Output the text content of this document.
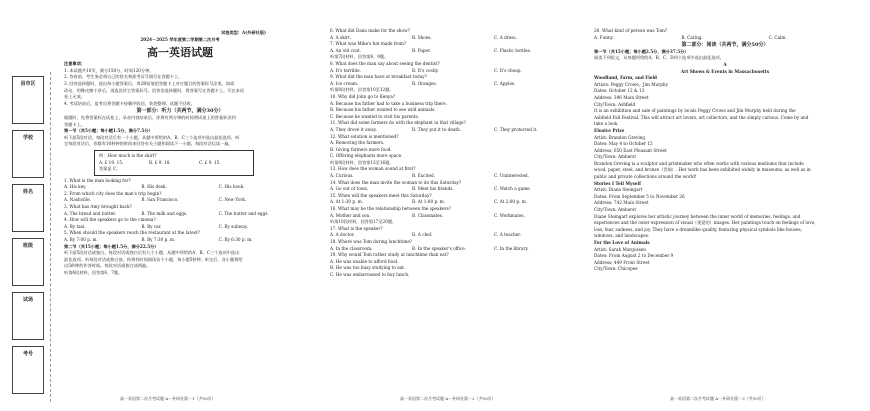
县市区
学校
姓名
班级
试场
考号
试卷类型：A(外研社版)
2024－2025 学年度第二学期第二次月考
高一英语试题
注意事项：
1. 本试题共10页，满分150分，时间120分钟。
2. 答卷前，考生务必将自己的姓名和准考证号填写在答题卡上。
3. 回答选择题时，选出每小题答案后，用2B铅笔把答题卡上对应题目的答案标号涂黑。如需
改动，用橡皮擦干净后，再选涂其它答案标号。回答非选择题时，将答案写在答题卡上。写在本试
卷上无效。
4. 考试结束后，监考员将答题卡按顺序收回，装袋整理；试题不回收。
第一部分：听力（共两节，满分30分）
做题时，先将答案标在试卷上。录音内容结束后，你将有两分钟的时间将试卷上的答案转涂到
答题卡上。
第一节（共5小题；每小题1.5分，满分7.5分）
听下面5段对话。每段对话后有一个小题，从题中所给的A、B、C三个选项中选出最佳选项。听
完每段对话后，你都有10秒钟的时间来回答有关小题和阅读下一小题。每段对话仅读一遍。
例：How much is the shirt?
A. £ 19. 15.	B. £ 9. 18.	C. £ 9. 15.
答案是 C。
1. What is the man looking for?
A. His key.	B. His desk.	C. His book.
2. From which city does the man's trip begin?
A. Nashville.	B. San Francisco.	C. New York.
3. What has Amy brought back?
A. The bread and butter.	B. The milk and eggs.	C. The butter and eggs.
4. How will the speakers go to the cinema?
A. By taxi.	B. By car.	C. By subway.
5. When should the speakers reach the restaurant at the latest?
A. By 7:00 p. m.	B. By 7:30 p. m.	C. By 6:30 p. m.
第二节（共15小题；每小题1.5分，满分22.5分）
听下面5段对话或独白。每段对话或独白后有几个小题，从题中所给的A、B、C三个选项中选出
最佳选项。听每段对话或独白前，你将有时间阅读各个小题，每小题5秒钟；听完后，各小题将给
出5秒钟的作答时间。每段对话或独白读两遍。
听第6段材料，回答第6、7题。
6. What did Dana make for the show?
A. A skirt.	B. Shoes.	C. A dress.
7. What was Mike's hat made from?
A. An old coat.	B. Paper.	C. Plastic bottles.
听第7段材料，回答第8、9题。
8. What does the man say about seeing the dentist?
A. It's terrible.	B. It's costly.	C. It's cheap.
9. What did the man have at breakfast today?
A. Ice cream.	B. Oranges.	C. Apples.
听第8段材料，回答第10至12题。
10. Why did John go to Kenya?
A. Because his father had to take a business trip there.
B. Because his father wanted to see wild animals.
C. Because he wanted to visit his parents.
11. What did some farmers do with the elephant in that village?
A. They drove it away.	B. They put it to death.	C. They protected it.
12. What solution is mentioned?
A. Removing the farmers.
B. Giving farmers more food.
C. Offering elephants more space.
听第9段材料，回答第13至16题。
13. How does the woman sound at first?
A. Curious.	B. Excited.	C. Uninterested.
14. What does the man invite the woman to do this Saturday?
A. Go out of town.	B. Meet his friends.	C. Watch a game.
15. When will the speakers meet this Saturday?
A. At 1:30 p. m.	B. At 1:00 p. m.	C. At 2:00 p. m.
16. What may be the relationship between the speakers?
A. Mother and son.	B. Classmates.	C. Workmates.
听第10段材料，回答第17至20题。
17. What is the speaker?
A. A doctor.	B. A chef.	C. A teacher.
18. Where was Tom during lunchtime?
A. In the classroom.	B. In the speaker's office.	C. In the library.
19. Why would Tom rather study at lunchtime than eat?
A. He was unable to afford food.
B. He was too busy studying to eat.
C. He was embarrassed to buy lunch.
20. What kind of person was Tom?
A. Funny.	B. Caring.	C. Calm.
第二部分：阅读（共两节，满分50分）
第一节（共15小题；每小题2.5分，满分37.5分）
阅读下列短文，从每题所给的A、B、C、D四个选项中选出最佳选项。
A
Art Shows & Events in Massachusetts
Woodland, Farm, and Field
Artists: Peggy Crowe，Jim Murphy
Dates: October 12 & 13
Address: 396 Main Street
City/Town: Ashfield
It is an exhibition and sale of paintings by locals Peggy Crowe and Jim Murphy held during the
Ashfield Fall Festival. This will attract art lovers, art collectors, and the simply curious. Come by and
take a look.
Elusive Prize
Artist: Brandon Greving
Dates: May 4 to October 15
Address: 650 East Pleasant Street
City/Town: Amherst
Brandon Greving is a sculptor and printmaker who often works with various mediums that include
wood, paper, steel, and bronze（青铜）. Her work has been exhibited widely in museums, as well as in
public and private collections around the world!
Stories I Tell Myself
Artist: Diane Steingart
Dates: From September 5 to November 26
Address: 742 Main Street
City/Town: Amherst
Diane Steingart explores her artistic journey between the inner world of memories, feelings, and
experiences and the outer expression of visual（视觉的）images. Her paintings touch on feelings of love,
loss, fear, sadness, and joy. They have a dreamlike quality, featuring physical symbols like houses,
windows, and landscapes.
For the Love of Animals
Artist: Sarah Margossen
Dates: From August 2 to December 9
Address: 449 Front Street
City/Town: Chicopee
高一英语第二次月考试题 A－外研社版－1（共10页）	高一英语第二次月考试题 A－外研社版－2（共10页）	高一英语第二次月考试题 A－外研社版－3（共10页）
